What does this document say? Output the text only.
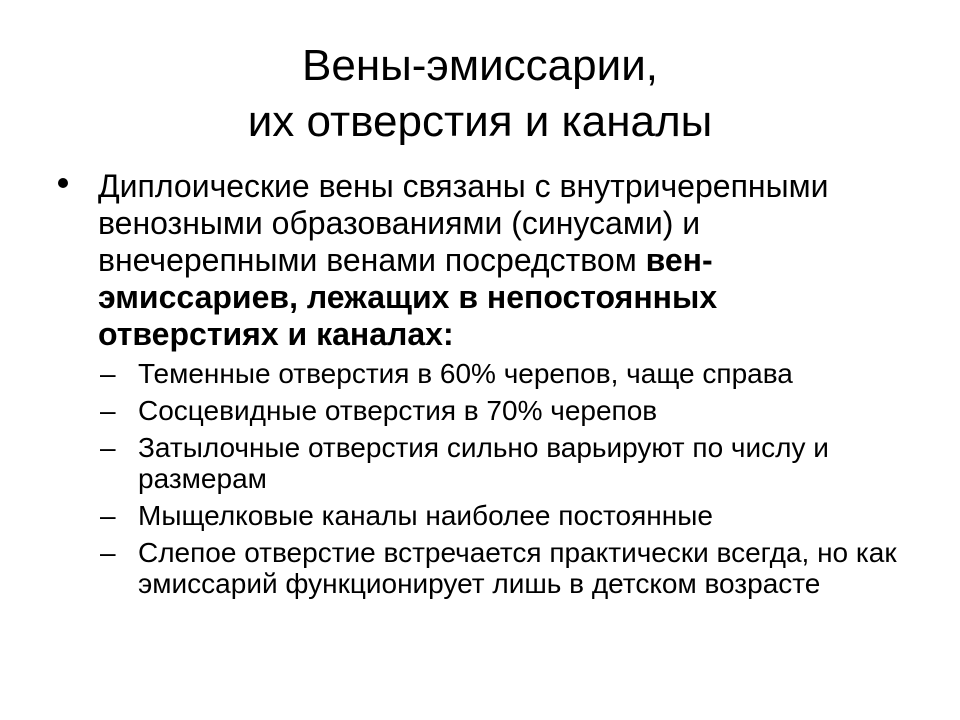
Вены-эмиссарии,
их отверстия и каналы
Диплоические вены связаны с внутричерепными венозными образованиями (синусами) и внечерепными венами посредством вен-эмиссариев, лежащих в непостоянных отверстиях и каналах:
– Теменные отверстия в 60% черепов, чаще справа
– Сосцевидные отверстия в 70% черепов
– Затылочные отверстия сильно варьируют по числу и размерам
– Мыщелковые каналы наиболее постоянные
– Слепое отверстие встречается практически всегда, но как эмиссарий функционирует лишь в детском возрасте
